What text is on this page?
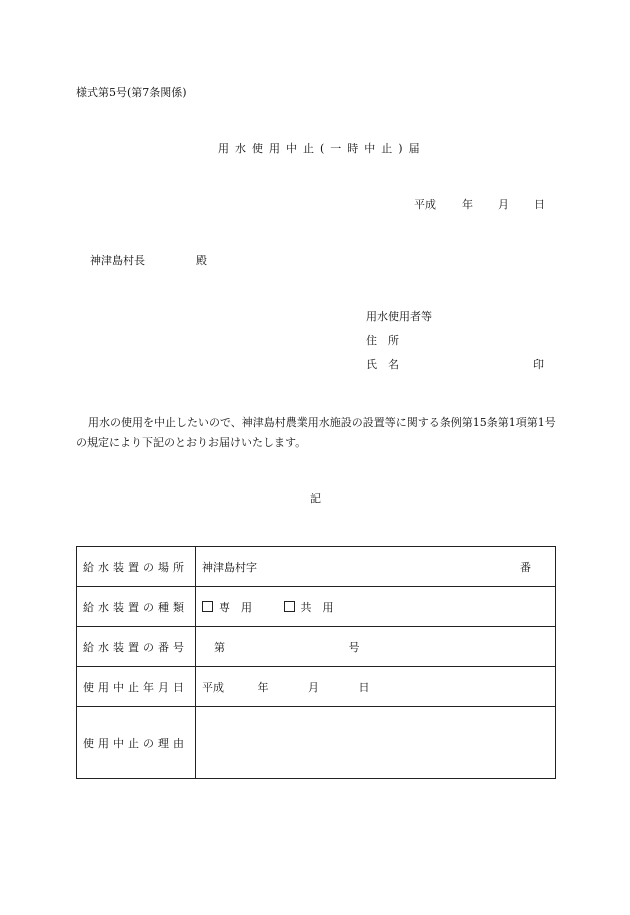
様式第5号(第7条関係)
用水使用中止(一時中止)届
平成 年 月 日
神津島村長	殿
用水使用者等
住　所
氏　名	印
用水の使用を中止したいので、神津島村農業用水施設の設置等に関する条例第15条第1項第1号の規定により下記のとおりお届けいたします。
記
給水装置の場所	神津島村字 番

給水装置の種類	専　用 共　用
給水装置の番号	第 号
使用中止年月日	平成 年 月 日
使用中止の理由	
